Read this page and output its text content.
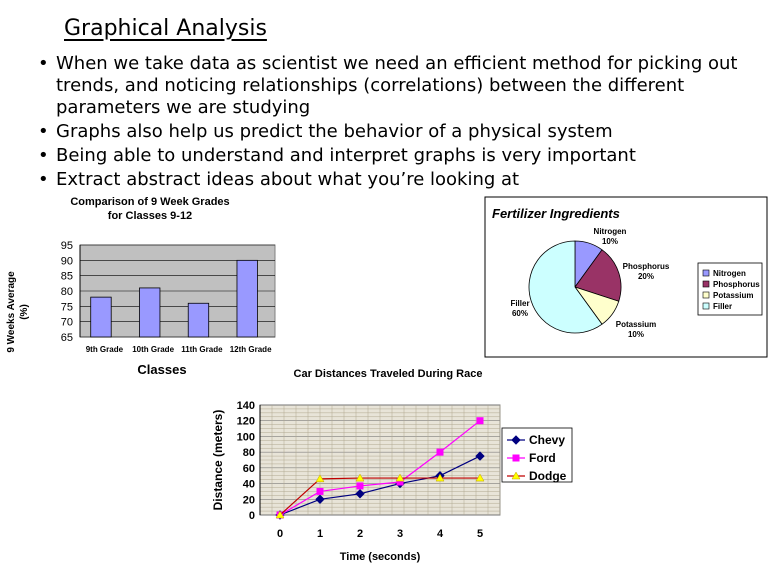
Graphical Analysis
• When we take data as scientist we need an efficient method for picking out trends, and noticing relationships (correlations) between the different parameters we are studying
• Graphs also help us predict the behavior of a physical system
• Being able to understand and interpret graphs is very important
• Extract abstract ideas about what you’re looking at
Comparison of 9 Week Grades
for Classes 9-12
9 Weeks Average (%)
65
70
75
80
85
90
95
9th Grade 10th Grade 11th Grade 12th Grade
Classes
Fertilizer Ingredients
Nitrogen
10%
Phosphorus
20%
Potassium
10%
Filler
60%
Nitrogen
Phosphorus
Potassium
Filler
Car Distances Traveled During Race
Distance (meters)
0
20
40
60
80
100
120
140
0	1	2	3	4	5
Time (seconds)
Chevy
Ford
Dodge
